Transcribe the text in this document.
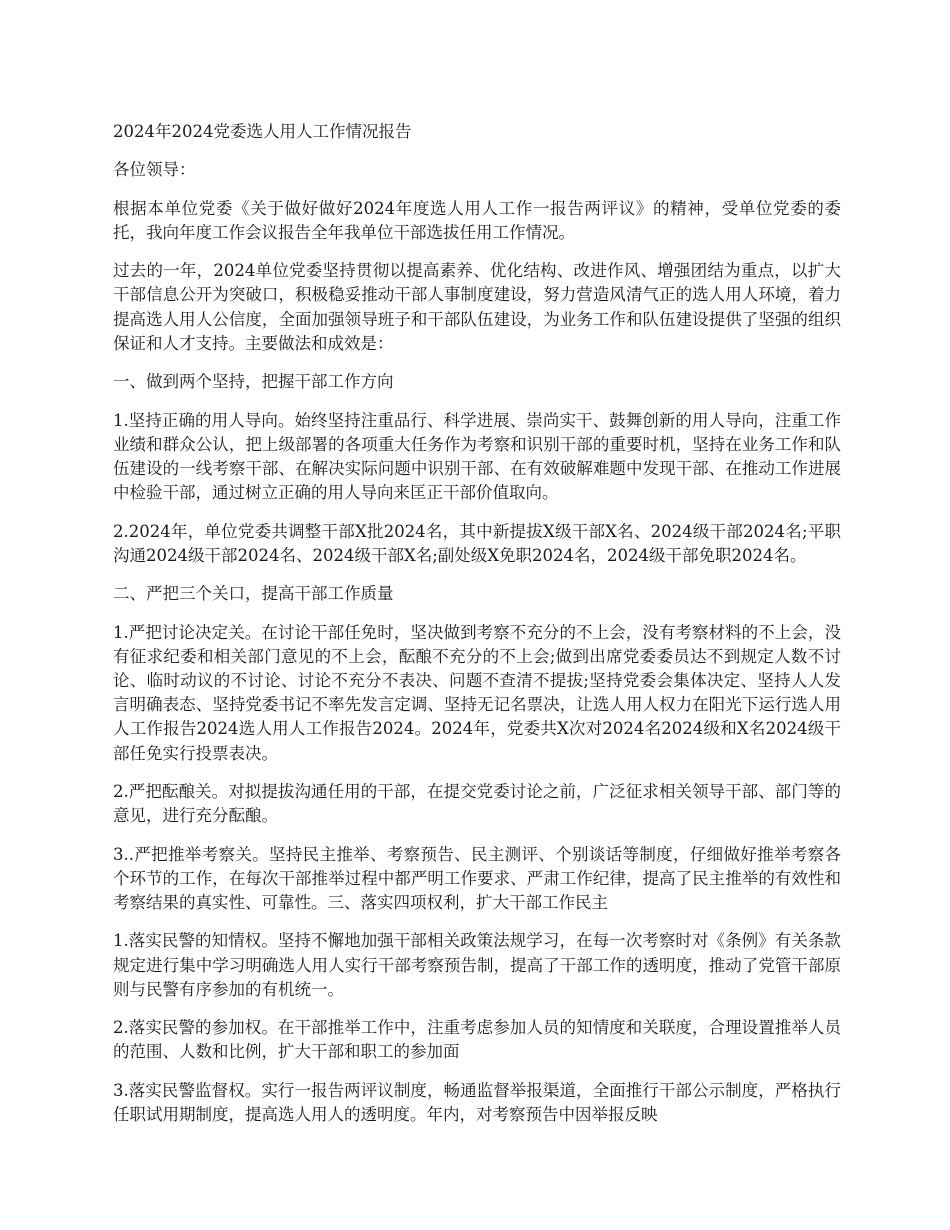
2024年2024党委选人用人工作情况报告

各位领导：

根据本单位党委《关于做好做好2024年度选人用人工作一报告两评议》的精神，受单位党委的委托，我向年度工作会议报告全年我单位干部选拔任用工作情况。

过去的一年，2024单位党委坚持贯彻以提高素养、优化结构、改进作风、增强团结为重点，以扩大干部信息公开为突破口，积极稳妥推动干部人事制度建设，努力营造风清气正的选人用人环境，着力提高选人用人公信度，全面加强领导班子和干部队伍建设，为业务工作和队伍建设提供了坚强的组织保证和人才支持。主要做法和成效是：

一、做到两个坚持，把握干部工作方向

1.坚持正确的用人导向。始终坚持注重品行、科学进展、崇尚实干、鼓舞创新的用人导向，注重工作业绩和群众公认，把上级部署的各项重大任务作为考察和识别干部的重要时机，坚持在业务工作和队伍建设的一线考察干部、在解决实际问题中识别干部、在有效破解难题中发现干部、在推动工作进展中检验干部，通过树立正确的用人导向来匡正干部价值取向。

2.2024年，单位党委共调整干部X批2024名，其中新提拔X级干部X名、2024级干部2024名;平职沟通2024级干部2024名、2024级干部X名;副处级X免职2024名，2024级干部免职2024名。

二、严把三个关口，提高干部工作质量

1.严把讨论决定关。在讨论干部任免时，坚决做到考察不充分的不上会，没有考察材料的不上会，没有征求纪委和相关部门意见的不上会，酝酿不充分的不上会;做到出席党委委员达不到规定人数不讨论、临时动议的不讨论、讨论不充分不表决、问题不查清不提拔;坚持党委会集体决定、坚持人人发言明确表态、坚持党委书记不率先发言定调、坚持无记名票决，让选人用人权力在阳光下运行选人用人工作报告2024选人用人工作报告2024。2024年，党委共X次对2024名2024级和X名2024级干部任免实行投票表决。

2.严把酝酿关。对拟提拔沟通任用的干部，在提交党委讨论之前，广泛征求相关领导干部、部门等的意见，进行充分酝酿。

3..严把推举考察关。坚持民主推举、考察预告、民主测评、个别谈话等制度，仔细做好推举考察各个环节的工作，在每次干部推举过程中都严明工作要求、严肃工作纪律，提高了民主推举的有效性和考察结果的真实性、可靠性。三、落实四项权利，扩大干部工作民主

1.落实民警的知情权。坚持不懈地加强干部相关政策法规学习，在每一次考察时对《条例》有关条款规定进行集中学习明确选人用人实行干部考察预告制，提高了干部工作的透明度，推动了党管干部原则与民警有序参加的有机统一。

2.落实民警的参加权。在干部推举工作中，注重考虑参加人员的知情度和关联度，合理设置推举人员的范围、人数和比例，扩大干部和职工的参加面

3.落实民警监督权。实行一报告两评议制度，畅通监督举报渠道，全面推行干部公示制度，严格执行任职试用期制度，提高选人用人的透明度。年内，对考察预告中因举报反映
